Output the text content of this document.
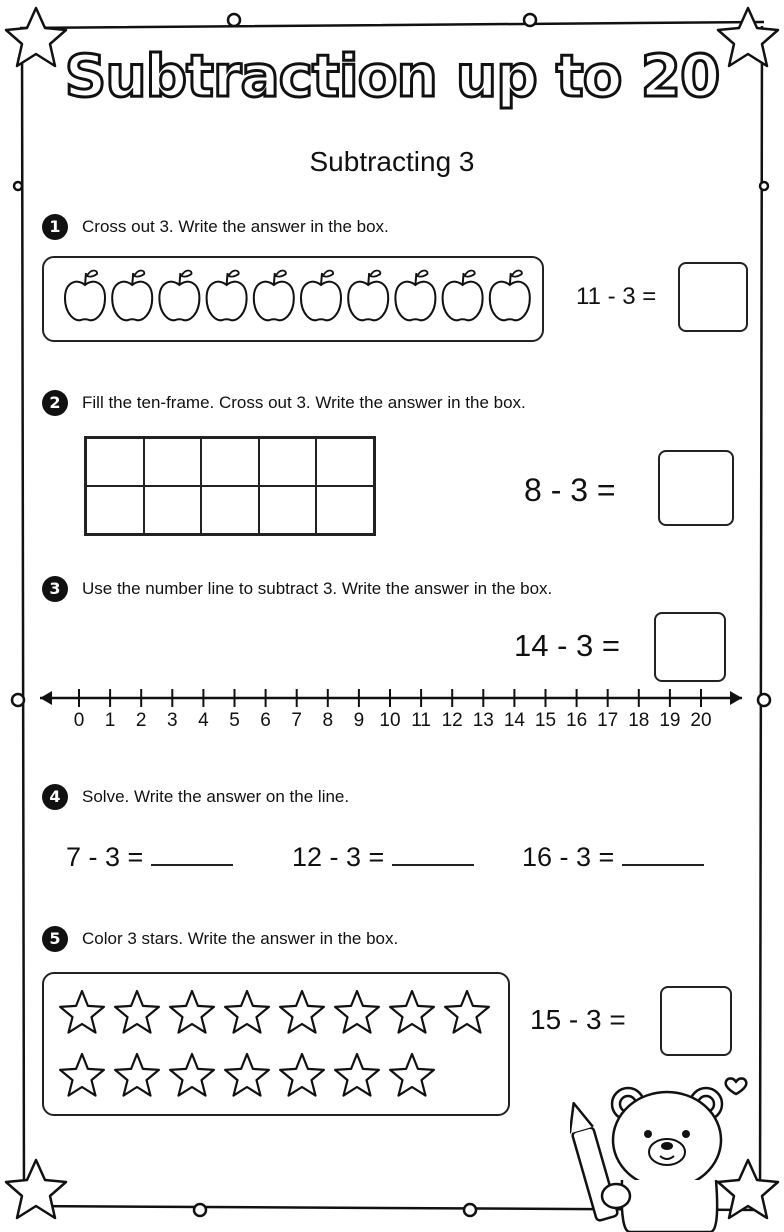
Subtraction up to 20
Subtracting 3
1	Cross out 3. Write the answer in the box.
11 - 3 =
2	Fill the ten-frame. Cross out 3. Write the answer in the box.
8 - 3 =
3	Use the number line to subtract 3. Write the answer in the box.
14 - 3 =
0 1 2 3 4 5 6 7 8 9 10 11 12 13 14 15 16 17 18 19 20
4	Solve. Write the answer on the line.
7 - 3 =	12 - 3 =	16 - 3 =
5	Color 3 stars. Write the answer in the box.
15 - 3 =
